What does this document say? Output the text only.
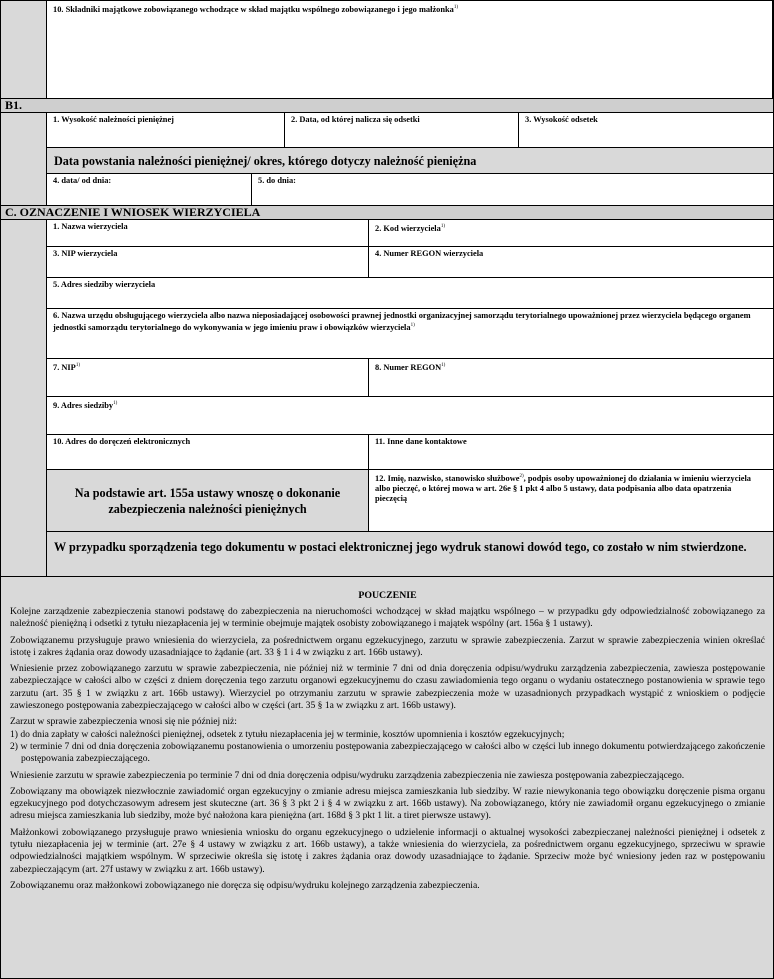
10. Składniki majątkowe zobowiązanego wchodzące w skład majątku wspólnego zobowiązanego i jego małżonka$^{1)}$
B1.
1. Wysokość należności pieniężnej	2. Data, od której nalicza się odsetki	3. Wysokość odsetek
Data powstania należności pieniężnej/ okres, którego dotyczy należność pieniężna
4. data/ od dnia:	5. do dnia:
C. OZNACZENIE I WNIOSEK WIERZYCIELA
1. Nazwa wierzyciela	2. Kod wierzyciela$^{1)}$
3. NIP wierzyciela	4. Numer REGON wierzyciela
5. Adres siedziby wierzyciela
6. Nazwa urzędu obsługującego wierzyciela albo nazwa nieposiadającej osobowości prawnej jednostki organizacyjnej samorządu terytorialnego upoważnionej przez wierzyciela będącego organem jednostki samorządu terytorialnego do wykonywania w jego imieniu praw i obowiązków wierzyciela$^{1)}$
7. NIP$^{1)}$	8. Numer REGON$^{1)}$
9. Adres siedziby$^{1)}$
10. Adres do doręczeń elektronicznych	11. Inne dane kontaktowe
Na podstawie art. 155a ustawy wnoszę o dokonanie zabezpieczenia należności pieniężnych
12. Imię, nazwisko, stanowisko służbowe$^{2)}$, podpis osoby upoważnionej do działania w imieniu wierzyciela albo pieczęć, o której mowa w art. 26e § 1 pkt 4 albo 5 ustawy, data podpisania albo data opatrzenia pieczęcią
W przypadku sporządzenia tego dokumentu w postaci elektronicznej jego wydruk stanowi dowód tego, co zostało w nim stwierdzone.
POUCZENIE

Kolejne zarządzenie zabezpieczenia stanowi podstawę do zabezpieczenia na nieruchomości wchodzącej w skład majątku wspólnego – w przypadku gdy odpowiedzialność zobowiązanego za należność pieniężną i odsetki z tytułu niezapłacenia jej w terminie obejmuje majątek osobisty zobowiązanego i majątek wspólny (art. 156a § 1 ustawy).

Zobowiązanemu przysługuje prawo wniesienia do wierzyciela, za pośrednictwem organu egzekucyjnego, zarzutu w sprawie zabezpieczenia. Zarzut w sprawie zabezpieczenia winien określać istotę i zakres żądania oraz dowody uzasadniające to żądanie (art. 33 § 1 i 4 w związku z art. 166b ustawy).

Wniesienie przez zobowiązanego zarzutu w sprawie zabezpieczenia, nie później niż w terminie 7 dni od dnia doręczenia odpisu/wydruku zarządzenia zabezpieczenia, zawiesza postępowanie zabezpieczające w całości albo w części z dniem doręczenia tego zarzutu organowi egzekucyjnemu do czasu zawiadomienia tego organu o wydaniu ostatecznego postanowienia w sprawie tego zarzutu (art. 35 § 1 w związku z art. 166b ustawy). Wierzyciel po otrzymaniu zarzutu w sprawie zabezpieczenia może w uzasadnionych przypadkach wystąpić z wnioskiem o podjęcie zawieszonego postępowania zabezpieczającego w całości albo w części (art. 35 § 1a w związku z art. 166b ustawy).

Zarzut w sprawie zabezpieczenia wnosi się nie później niż:

1) do dnia zapłaty w całości należności pieniężnej, odsetek z tytułu niezapłacenia jej w terminie, kosztów upomnienia i kosztów egzekucyjnych;
2) w terminie 7 dni od dnia doręczenia zobowiązanemu postanowienia o umorzeniu postępowania zabezpieczającego w całości albo w części lub innego dokumentu potwierdzającego zakończenie postępowania zabezpieczającego.

Wniesienie zarzutu w sprawie zabezpieczenia po terminie 7 dni od dnia doręczenia odpisu/wydruku zarządzenia zabezpieczenia nie zawiesza postępowania zabezpieczającego.

Zobowiązany ma obowiązek niezwłocznie zawiadomić organ egzekucyjny o zmianie adresu miejsca zamieszkania lub siedziby. W razie niewykonania tego obowiązku doręczenie pisma organu egzekucyjnego pod dotychczasowym adresem jest skuteczne (art. 36 § 3 pkt 2 i § 4 w związku z art. 166b ustawy). Na zobowiązanego, który nie zawiadomił organu egzekucyjnego o zmianie adresu miejsca zamieszkania lub siedziby, może być nałożona kara pieniężna (art. 168d § 3 pkt 1 lit. a tiret pierwsze ustawy).

Małżonkowi zobowiązanego przysługuje prawo wniesienia wniosku do organu egzekucyjnego o udzielenie informacji o aktualnej wysokości zabezpieczanej należności pieniężnej i odsetek z tytułu niezapłacenia jej w terminie (art. 27e § 4 ustawy w związku z art. 166b ustawy), a także wniesienia do wierzyciela, za pośrednictwem organu egzekucyjnego, sprzeciwu w sprawie odpowiedzialności majątkiem wspólnym. W sprzeciwie określa się istotę i zakres żądania oraz dowody uzasadniające to żądanie. Sprzeciw może być wniesiony jeden raz w postępowaniu zabezpieczającym (art. 27f ustawy w związku z art. 166b ustawy).

Zobowiązanemu oraz małżonkowi zobowiązanego nie doręcza się odpisu/wydruku kolejnego zarządzenia zabezpieczenia.
